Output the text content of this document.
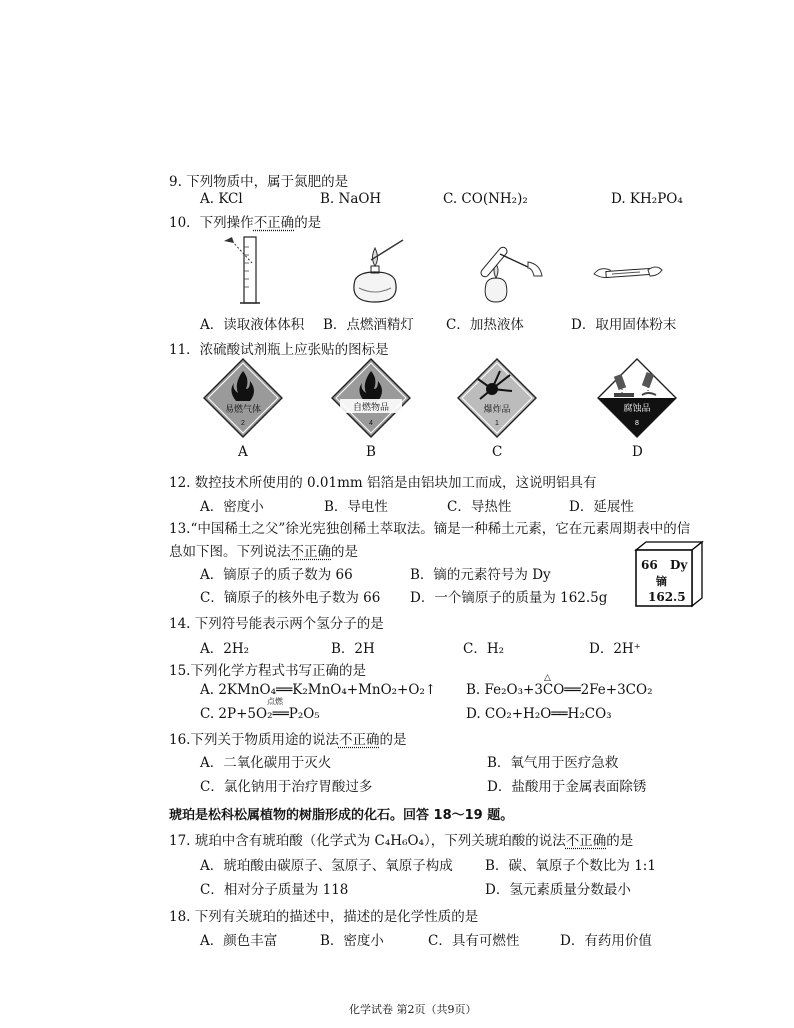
9. 下列物质中，属于氮肥的是
A. KCl	B. NaOH	C. CO(NH₂)₂	D. KH₂PO₄
10．下列操作不正确的是
A．读取液体体积 B．点燃酒精灯 C．加热液体	D．取用固体粉末
11．浓硫酸试剂瓶上应张贴的图标是
易燃气体
2
自燃物品
4
爆炸品
1
腐蚀品
8
A	B	C	D
12. 数控技术所使用的 0.01mm 铝箔是由铝块加工而成，这说明铝具有
A．密度小	B．导电性	C．导热性	D．延展性
13.“中国稀土之父”徐光宪独创稀土萃取法。镝是一种稀土元素，它在元素周期表中的信
息如下图。下列说法不正确的是
A．镝原子的质子数为 66	B．镝的元素符号为 Dy
C．镝原子的核外电子数为 66 D．一个镝原子的质量为 162.5g
66 Dy
镝
162.5
14. 下列符号能表示两个氢分子的是
A．2H₂	B．2H	C．H₂	D．2H⁺
15.下列化学方程式书写正确的是
A. 2KMnO₄══K₂MnO₄+MnO₂+O₂↑
△
B. Fe₂O₃+3CO══2Fe+3CO₂
点燃
C. 2P+5O₂══P₂O₅	D. CO₂+H₂O══H₂CO₃
16.下列关于物质用途的说法不正确的是
A．二氧化碳用于灭火	B．氧气用于医疗急救
C．氯化钠用于治疗胃酸过多	D．盐酸用于金属表面除锈
琥珀是松科松属植物的树脂形成的化石。回答 18～19 题。
17. 琥珀中含有琥珀酸（化学式为 C₄H₆O₄），下列关琥珀酸的说法不正确的是
A．琥珀酸由碳原子、氢原子、氧原子构成 B．碳、氧原子个数比为 1:1
C．相对分子质量为 118	D．氢元素质量分数最小
18. 下列有关琥珀的描述中，描述的是化学性质的是
A．颜色丰富	B．密度小	C．具有可燃性	D．有药用价值
化学试卷 第2页（共9页）
